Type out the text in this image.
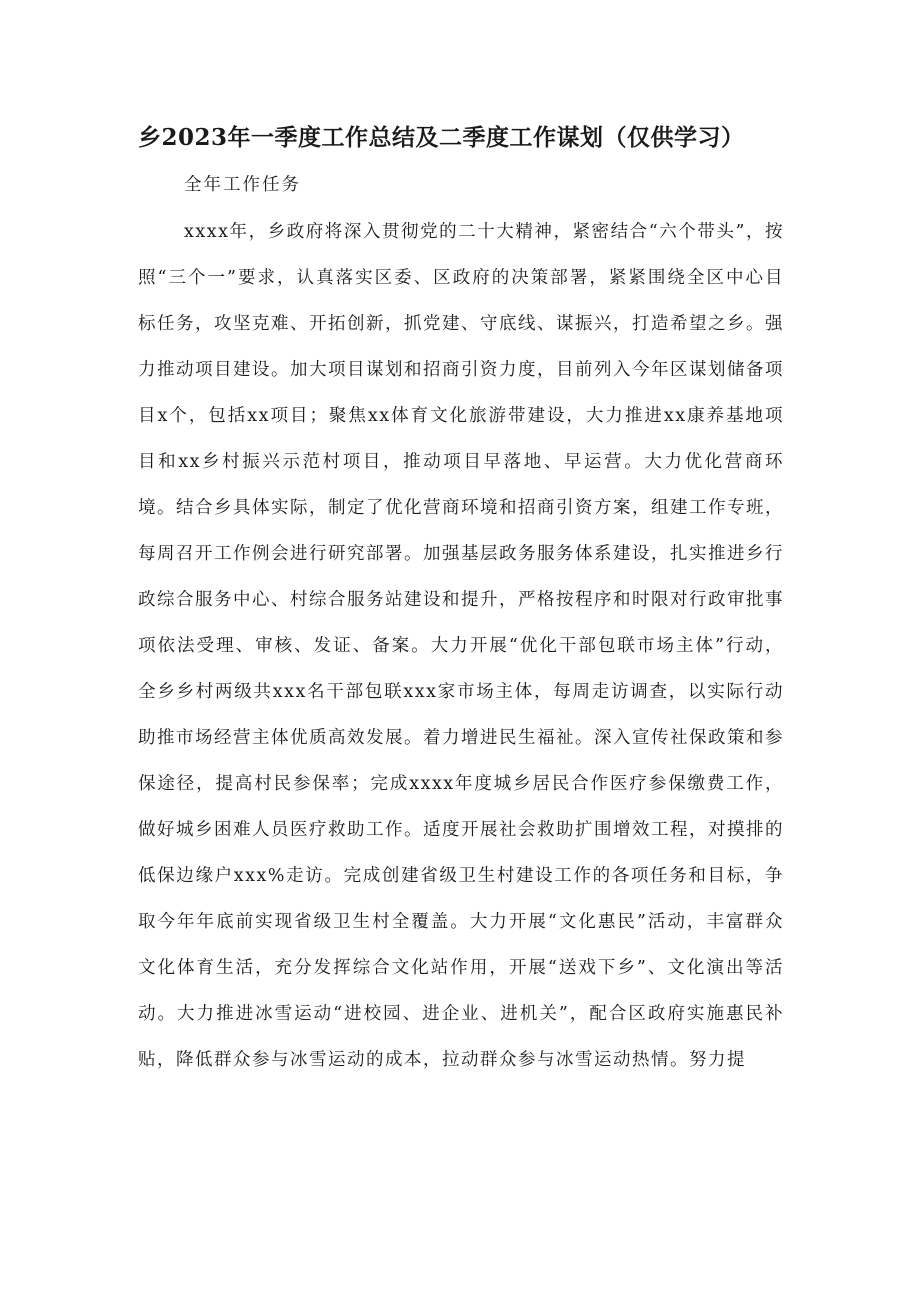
乡2023年一季度工作总结及二季度工作谋划（仅供学习）
全年工作任务

xxxx年，乡政府将深入贯彻党的二十大精神，紧密结合“六个带头”，按照“三个一”要求，认真落实区委、区政府的决策部署，紧紧围绕全区中心目标任务，攻坚克难、开拓创新，抓党建、守底线、谋振兴，打造希望之乡。强力推动项目建设。加大项目谋划和招商引资力度，目前列入今年区谋划储备项目x个，包括xx项目；聚焦xx体育文化旅游带建设，大力推进xx康养基地项目和xx乡村振兴示范村项目，推动项目早落地、早运营。大力优化营商环境。结合乡具体实际，制定了优化营商环境和招商引资方案，组建工作专班，每周召开工作例会进行研究部署。加强基层政务服务体系建设，扎实推进乡行政综合服务中心、村综合服务站建设和提升，严格按程序和时限对行政审批事项依法受理、审核、发证、备案。大力开展“优化干部包联市场主体”行动，全乡乡村两级共xxx名干部包联xxx家市场主体，每周走访调查，以实际行动助推市场经营主体优质高效发展。着力增进民生福祉。深入宣传社保政策和参保途径，提高村民参保率；完成xxxx年度城乡居民合作医疗参保缴费工作，做好城乡困难人员医疗救助工作。适度开展社会救助扩围增效工程，对摸排的低保边缘户xxx%走访。完成创建省级卫生村建设工作的各项任务和目标，争取今年年底前实现省级卫生村全覆盖。大力开展“文化惠民”活动，丰富群众文化体育生活，充分发挥综合文化站作用，开展“送戏下乡”、文化演出等活动。大力推进冰雪运动“进校园、进企业、进机关”，配合区政府实施惠民补贴，降低群众参与冰雪运动的成本，拉动群众参与冰雪运动热情。努力提
